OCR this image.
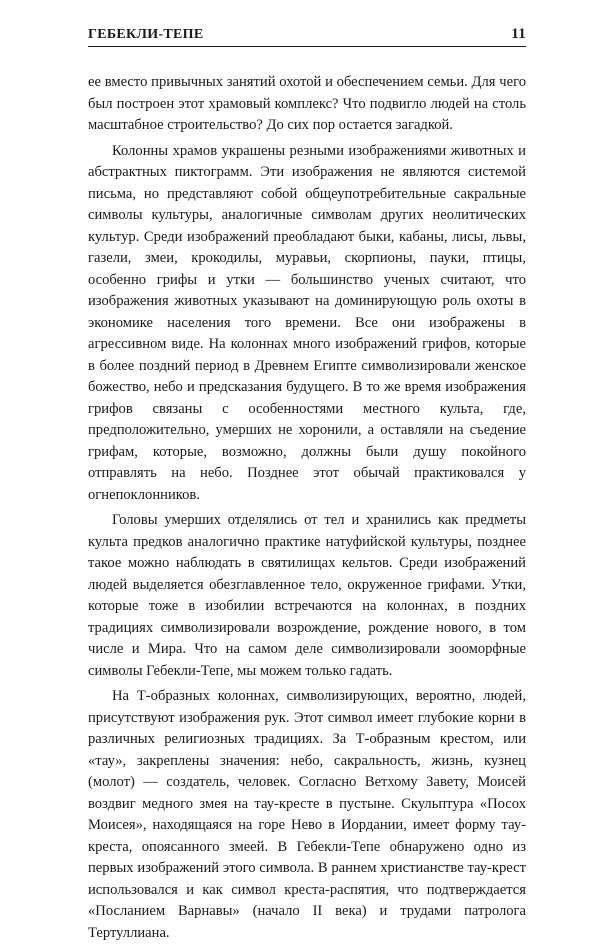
ГЕБЕКЛИ-ТЕПЕ	11

ее вместо привычных занятий охотой и обеспечением семьи. Для чего был построен этот храмовый комплекс? Что подвигло людей на столь масштабное строительство? До сих пор остается загадкой.

Колонны храмов украшены резными изображениями животных и абстрактных пиктограмм. Эти изображения не являются системой письма, но представляют собой общеупотребительные сакральные символы культуры, аналогичные символам других неолитических культур. Среди изображений преобладают быки, кабаны, лисы, львы, газели, змеи, крокодилы, муравьи, скорпионы, пауки, птицы, особенно грифы и утки — большинство ученых считают, что изображения животных указывают на доминирующую роль охоты в экономике населения того времени. Все они изображены в агрессивном виде. На колоннах много изображений грифов, которые в более поздний период в Древнем Египте символизировали женское божество, небо и предсказания будущего. В то же время изображения грифов связаны с особенностями местного культа, где, предположительно, умерших не хоронили, а оставляли на съедение грифам, которые, возможно, должны были душу покойного отправлять на небо. Позднее этот обычай практиковался у огнепоклонников.

Головы умерших отделялись от тел и хранились как предметы культа предков аналогично практике натуфийской культуры, позднее такое можно наблюдать в святилищах кельтов. Среди изображений людей выделяется обезглавленное тело, окруженное грифами. Утки, которые тоже в изобилии встречаются на колоннах, в поздних традициях символизировали возрождение, рождение нового, в том числе и Мира. Что на самом деле символизировали зооморфные символы Гебекли-Тепе, мы можем только гадать.

На Т-образных колоннах, символизирующих, вероятно, людей, присутствуют изображения рук. Этот символ имеет глубокие корни в различных религиозных традициях. За Т-образным крестом, или «тау», закреплены значения: небо, сакральность, жизнь, кузнец (молот) — создатель, человек. Согласно Ветхому Завету, Моисей воздвиг медного змея на тау-кресте в пустыне. Скульптура «Посох Моисея», находящаяся на горе Нево в Иордании, имеет форму тау-креста, опоясанного змеей. В Гебекли-Тепе обнаружено одно из первых изображений этого символа. В раннем христианстве тау-крест использовался и как символ креста-распятия, что подтверждается «Посланием Варнавы» (начало II века) и трудами патролога Тертуллиана.
